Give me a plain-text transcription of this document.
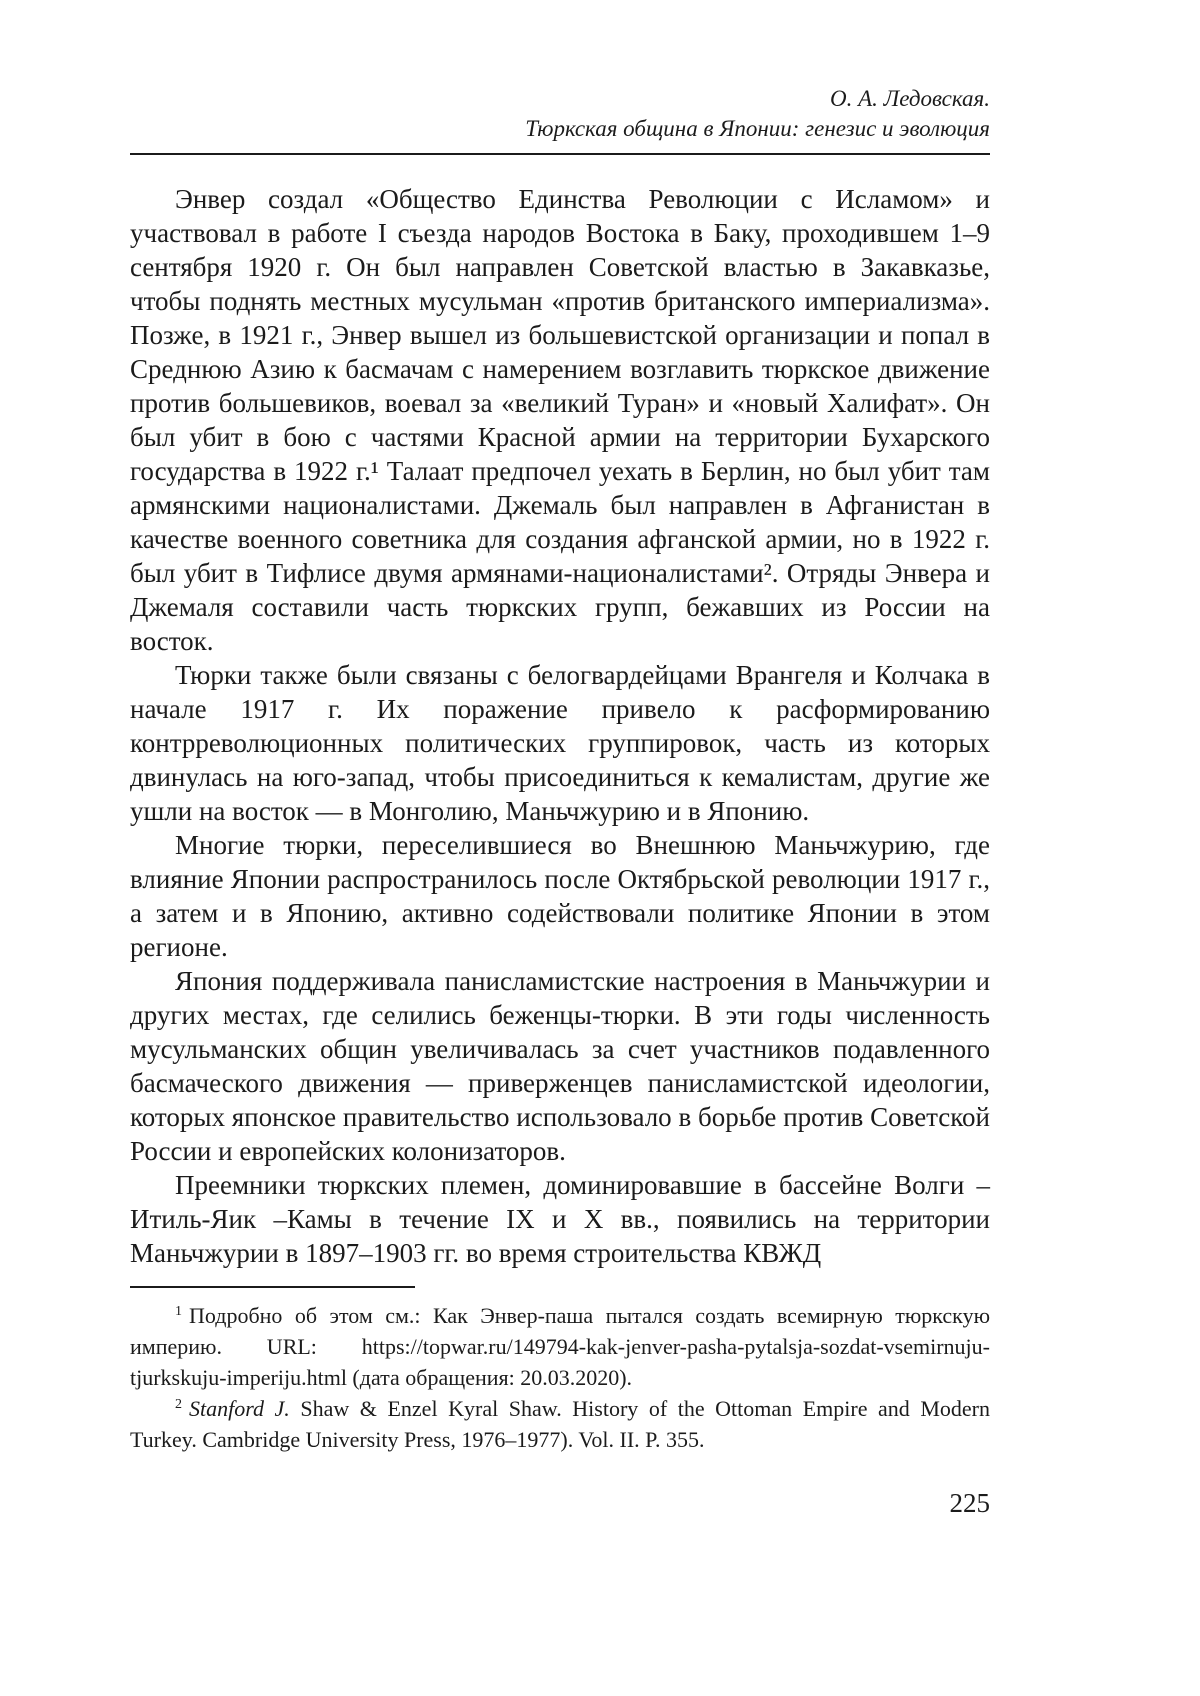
О. А. Ледовская.
Тюркская община в Японии: генезис и эволюция

Энвер создал «Общество Единства Революции с Исламом» и участвовал в работе I съезда народов Востока в Баку, проходившем 1–9 сентября 1920 г. Он был направлен Советской властью в Закавказье, чтобы поднять местных мусульман «против британского империализма». Позже, в 1921 г., Энвер вышел из большевистской организации и попал в Среднюю Азию к басмачам с намерением возглавить тюркское движение против большевиков, воевал за «великий Туран» и «новый Халифат». Он был убит в бою с частями Красной армии на территории Бухарского государства в 1922 г.¹ Талаат предпочел уехать в Берлин, но был убит там армянскими националистами. Джемаль был направлен в Афганистан в качестве военного советника для создания афганской армии, но в 1922 г. был убит в Тифлисе двумя армянами-националистами². Отряды Энвера и Джемаля составили часть тюркских групп, бежавших из России на восток.

Тюрки также были связаны с белогвардейцами Врангеля и Колчака в начале 1917 г. Их поражение привело к расформированию контрреволюционных политических группировок, часть из которых двинулась на юго-запад, чтобы присоединиться к кемалистам, другие же ушли на восток — в Монголию, Маньчжурию и в Японию.

Многие тюрки, переселившиеся во Внешнюю Маньчжурию, где влияние Японии распространилось после Октябрьской революции 1917 г., а затем и в Японию, активно содействовали политике Японии в этом регионе.

Япония поддерживала панисламистские настроения в Маньчжурии и других местах, где селились беженцы-тюрки. В эти годы численность мусульманских общин увеличивалась за счет участников подавленного басмаческого движения — приверженцев панисламистской идеологии, которых японское правительство использовало в борьбе против Советской России и европейских колонизаторов.

Преемники тюркских племен, доминировавшие в бассейне Волги –Итиль-Яик –Камы в течение IX и X вв., появились на территории Маньчжурии в 1897–1903 гг. во время строительства КВЖД

$^1$ Подробно об этом см.: Как Энвер-паша пытался создать всемирную тюркскую империю. URL: https://topwar.ru/149794-kak-jenver-pasha-pytalsja-sozdat-vsemirnuju-tjurkskuju-imperiju.html (дата обращения: 20.03.2020).

$^2$ Stanford J. Shaw & Enzel Kyral Shaw. History of the Ottoman Empire and Modern Turkey. Cambridge University Press, 1976–1977). Vol. II. P. 355.

225
